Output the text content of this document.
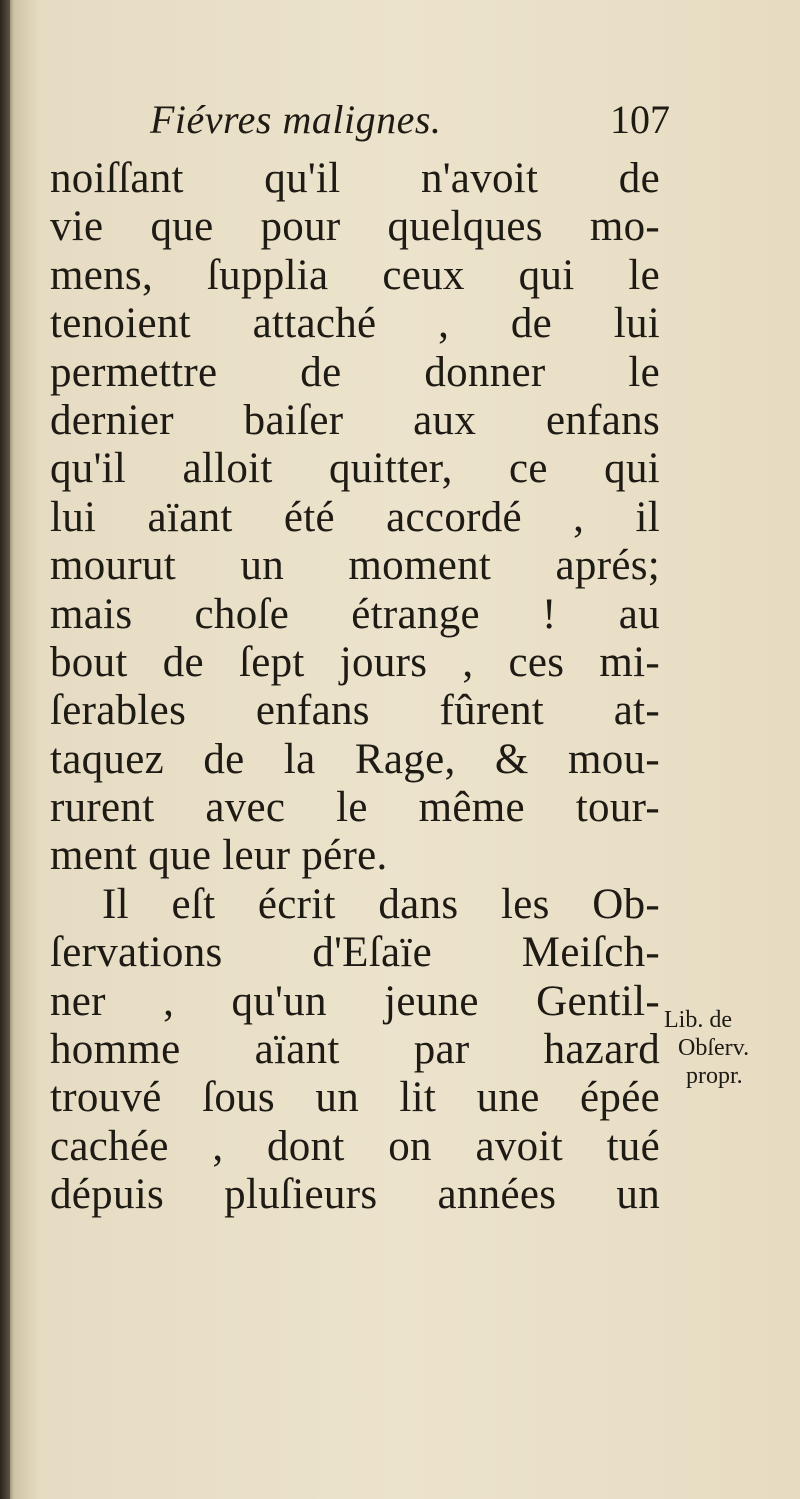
Fiévres malignes.	107
noiſſant qu'il n'avoit de
vie que pour quelques mo-
mens, ſupplia ceux qui le
tenoient attaché , de lui
permettre de donner le
dernier baiſer aux enfans
qu'il alloit quitter, ce qui
lui aïant été accordé , il
mourut un moment aprés;
mais choſe étrange ! au
bout de ſept jours , ces mi-
ſerables enfans fûrent at-
taquez de la Rage, & mou-
rurent avec le même tour-
ment que leur pére.
Il eſt écrit dans les Ob-
ſervations d'Eſaïe Meiſch-
ner , qu'un jeune Gentil-
homme aïant par hazard
trouvé ſous un lit une épée
cachée , dont on avoit tué
dépuis pluſieurs années un
Lib. de
Obſerv.
propr.
